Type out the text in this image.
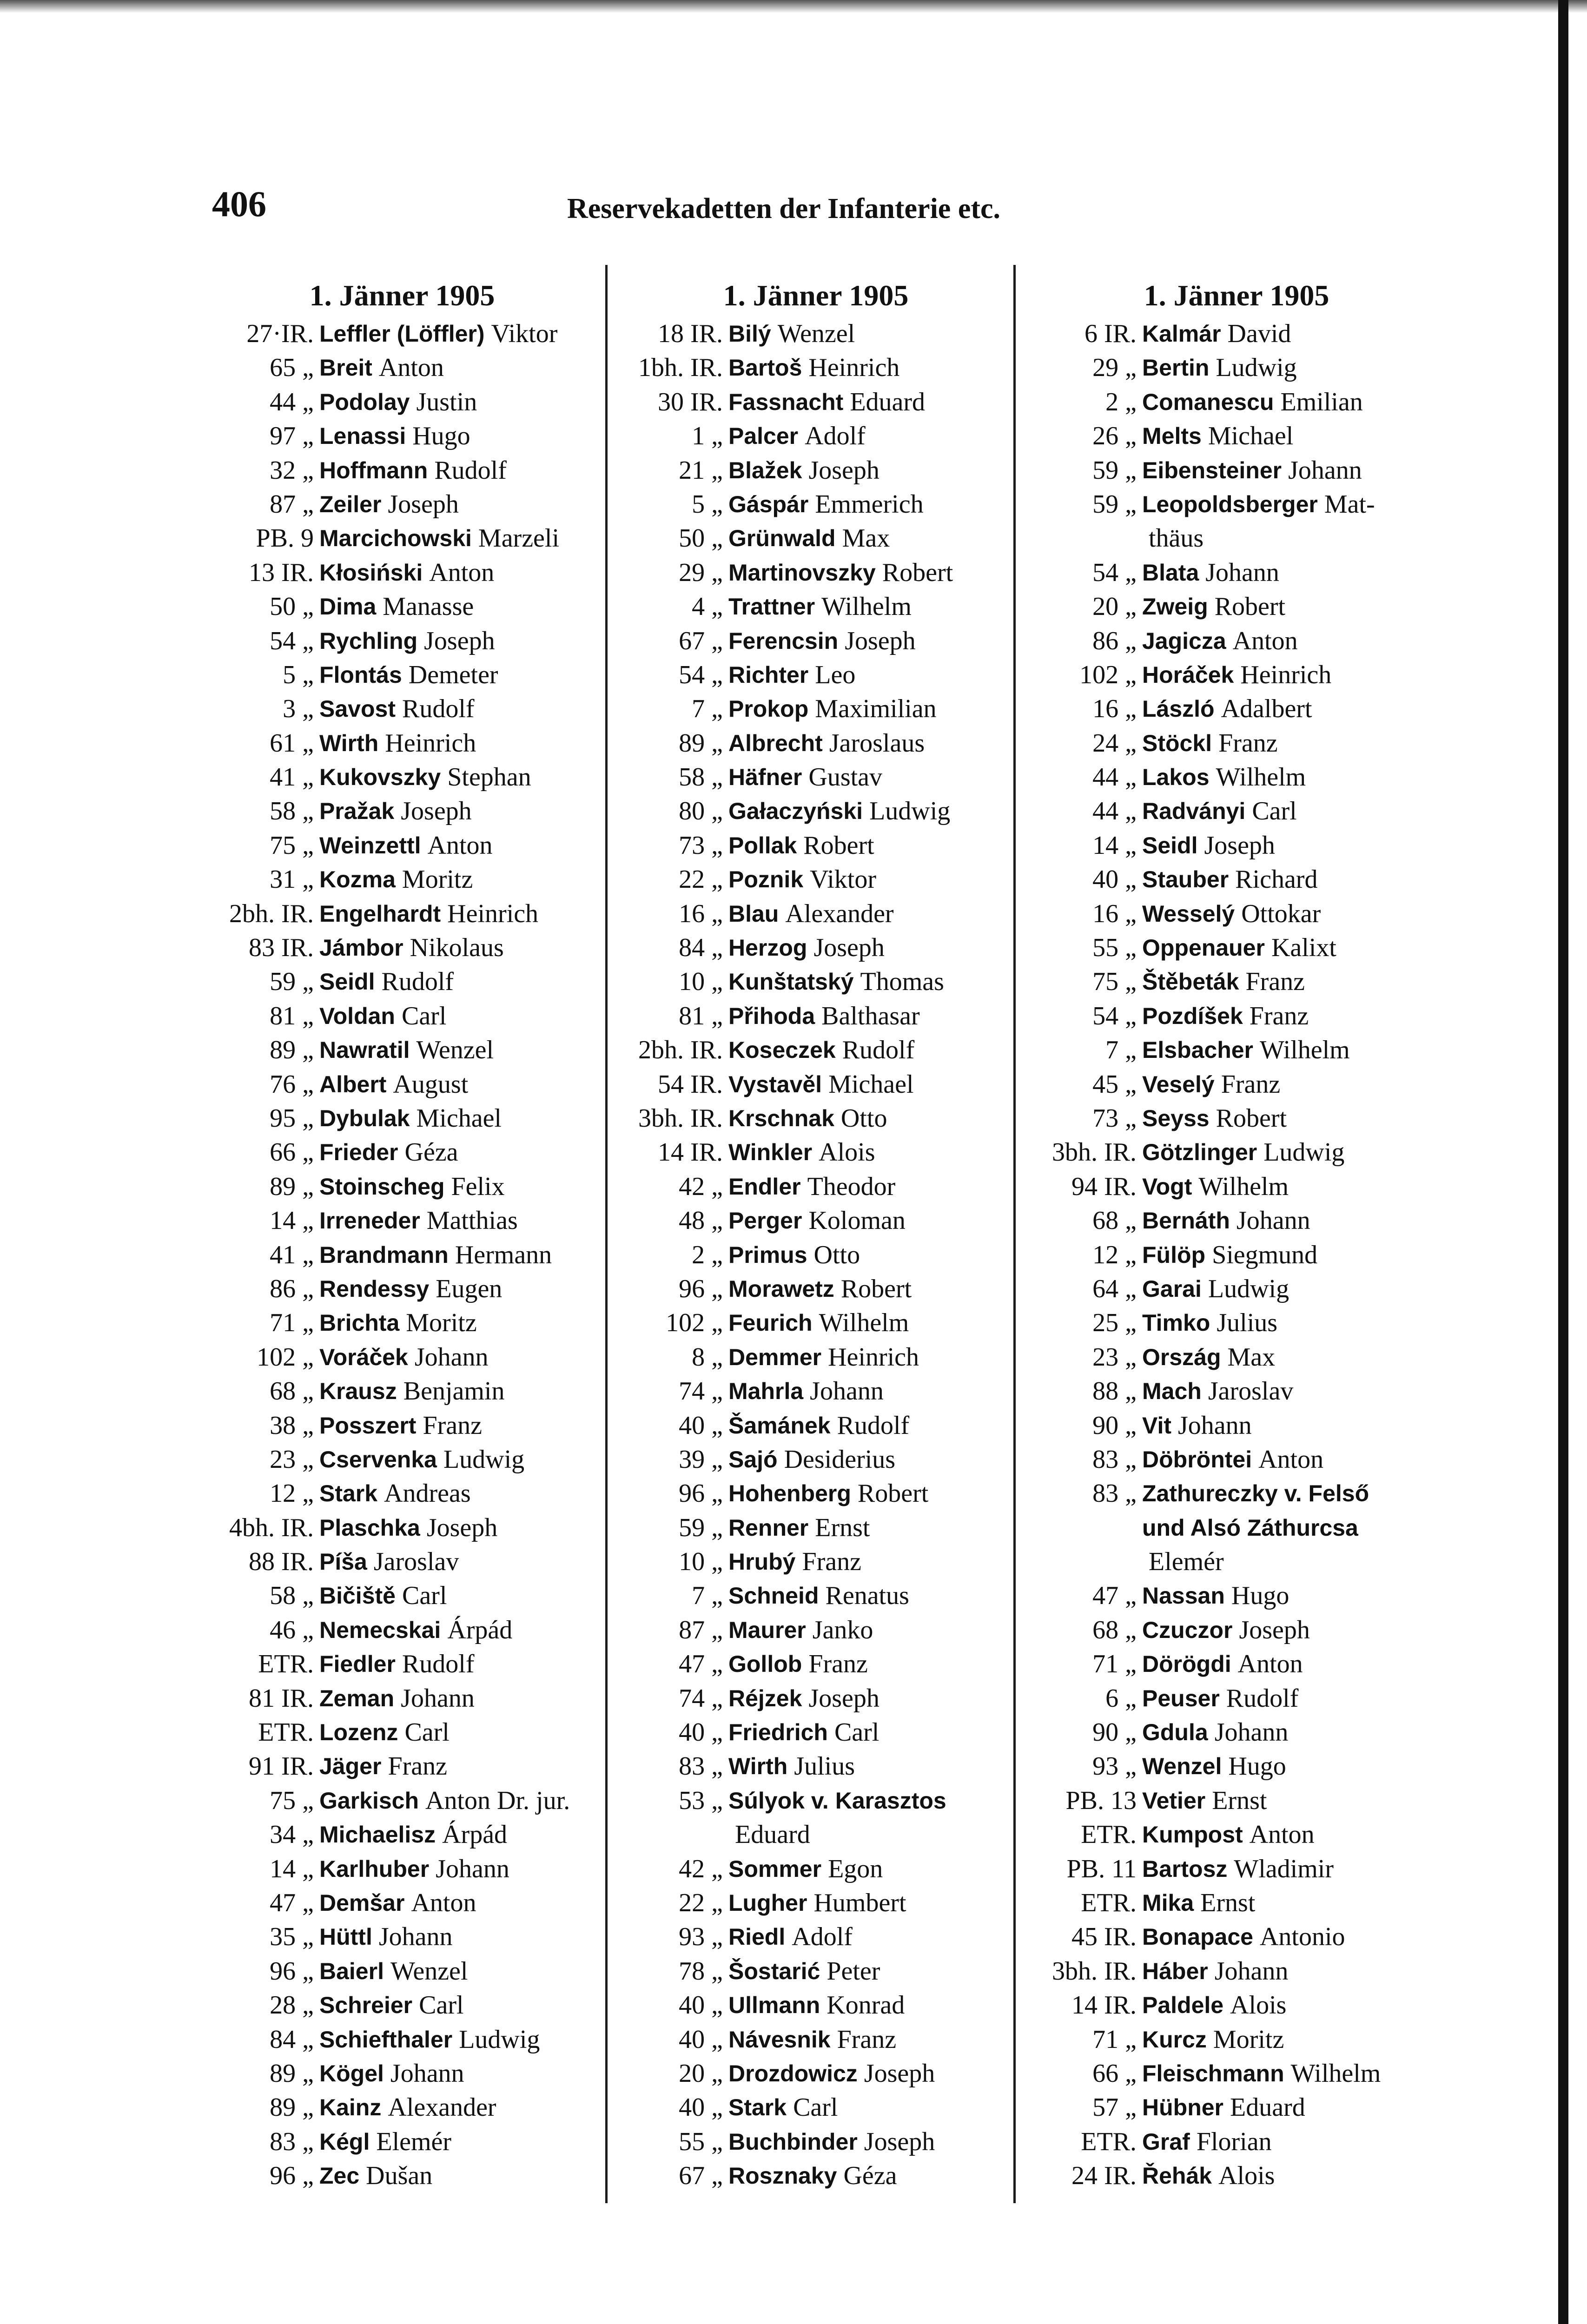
406	Reservekadetten der Infanterie etc.
1. Jänner 1905
27·IR. Leffler (Löffler) Viktor
65 „ Breit Anton
44 „ Podolay Justin
97 „ Lenassi Hugo
32 „ Hoffmann Rudolf
87 „ Zeiler Joseph
PB. 9 Marcichowski Marzeli
13 IR. Kłosiński Anton
50 „ Dima Manasse
54 „ Rychling Joseph
5 „ Flontás Demeter
3 „ Savost Rudolf
61 „ Wirth Heinrich
41 „ Kukovszky Stephan
58 „ Pražak Joseph
75 „ Weinzettl Anton
31 „ Kozma Moritz
2bh. IR. Engelhardt Heinrich
83 IR. Jámbor Nikolaus
59 „ Seidl Rudolf
81 „ Voldan Carl
89 „ Nawratil Wenzel
76 „ Albert August
95 „ Dybulak Michael
66 „ Frieder Géza
89 „ Stoinscheg Felix
14 „ Irreneder Matthias
41 „ Brandmann Hermann
86 „ Rendessy Eugen
71 „ Brichta Moritz
102 „ Voráček Johann
68 „ Krausz Benjamin
38 „ Posszert Franz
23 „ Cservenka Ludwig
12 „ Stark Andreas
4bh. IR. Plaschka Joseph
88 IR. Píša Jaroslav
58 „ Bičiště Carl
46 „ Nemecskai Árpád
ETR. Fiedler Rudolf
81 IR. Zeman Johann
ETR. Lozenz Carl
91 IR. Jäger Franz
75 „ Garkisch Anton Dr. jur.
34 „ Michaelisz Árpád
14 „ Karlhuber Johann
47 „ Demšar Anton
35 „ Hüttl Johann
96 „ Baierl Wenzel
28 „ Schreier Carl
84 „ Schiefthaler Ludwig
89 „ Kögel Johann
89 „ Kainz Alexander
83 „ Kégl Elemér
96 „ Zec Dušan
1. Jänner 1905
18 IR. Bilý Wenzel
1bh. IR. Bartoš Heinrich
30 IR. Fassnacht Eduard
1 „ Palcer Adolf
21 „ Blažek Joseph
5 „ Gáspár Emmerich
50 „ Grünwald Max
29 „ Martinovszky Robert
4 „ Trattner Wilhelm
67 „ Ferencsin Joseph
54 „ Richter Leo
7 „ Prokop Maximilian
89 „ Albrecht Jaroslaus
58 „ Häfner Gustav
80 „ Gałaczyński Ludwig
73 „ Pollak Robert
22 „ Poznik Viktor
16 „ Blau Alexander
84 „ Herzog Joseph
10 „ Kunštatský Thomas
81 „ Přihoda Balthasar
2bh. IR. Koseczek Rudolf
54 IR. Vystavěl Michael
3bh. IR. Krschnak Otto
14 IR. Winkler Alois
42 „ Endler Theodor
48 „ Perger Koloman
2 „ Primus Otto
96 „ Morawetz Robert
102 „ Feurich Wilhelm
8 „ Demmer Heinrich
74 „ Mahrla Johann
40 „ Šamánek Rudolf
39 „ Sajó Desiderius
96 „ Hohenberg Robert
59 „ Renner Ernst
10 „ Hrubý Franz
7 „ Schneid Renatus
87 „ Maurer Janko
47 „ Gollob Franz
74 „ Réjzek Joseph
40 „ Friedrich Carl
83 „ Wirth Julius
53 „ Súlyok v. Karasztos
Eduard
42 „ Sommer Egon
22 „ Lugher Humbert
93 „ Riedl Adolf
78 „ Šostarić Peter
40 „ Ullmann Konrad
40 „ Návesnik Franz
20 „ Drozdowicz Joseph
40 „ Stark Carl
55 „ Buchbinder Joseph
67 „ Rosznaky Géza
1. Jänner 1905
6 IR. Kalmár David
29 „ Bertin Ludwig
2 „ Comanescu Emilian
26 „ Melts Michael
59 „ Eibensteiner Johann
59 „ Leopoldsberger Mat-
thäus
54 „ Blata Johann
20 „ Zweig Robert
86 „ Jagicza Anton
102 „ Horáček Heinrich
16 „ László Adalbert
24 „ Stöckl Franz
44 „ Lakos Wilhelm
44 „ Radványi Carl
14 „ Seidl Joseph
40 „ Stauber Richard
16 „ Wesselý Ottokar
55 „ Oppenauer Kalixt
75 „ Štěbeták Franz
54 „ Pozdíšek Franz
7 „ Elsbacher Wilhelm
45 „ Veselý Franz
73 „ Seyss Robert
3bh. IR. Götzlinger Ludwig
94 IR. Vogt Wilhelm
68 „ Bernáth Johann
12 „ Fülöp Siegmund
64 „ Garai Ludwig
25 „ Timko Julius
23 „ Ország Max
88 „ Mach Jaroslav
90 „ Vit Johann
83 „ Döbröntei Anton
83 „ Zathureczky v. Felső
und Alsó Záthurcsa
Elemér
47 „ Nassan Hugo
68 „ Czuczor Joseph
71 „ Dörögdi Anton
6 „ Peuser Rudolf
90 „ Gdula Johann
93 „ Wenzel Hugo
PB. 13 Vetier Ernst
ETR. Kumpost Anton
PB. 11 Bartosz Wladimir
ETR. Mika Ernst
45 IR. Bonapace Antonio
3bh. IR. Háber Johann
14 IR. Paldele Alois
71 „ Kurcz Moritz
66 „ Fleischmann Wilhelm
57 „ Hübner Eduard
ETR. Graf Florian
24 IR. Řehák Alois
